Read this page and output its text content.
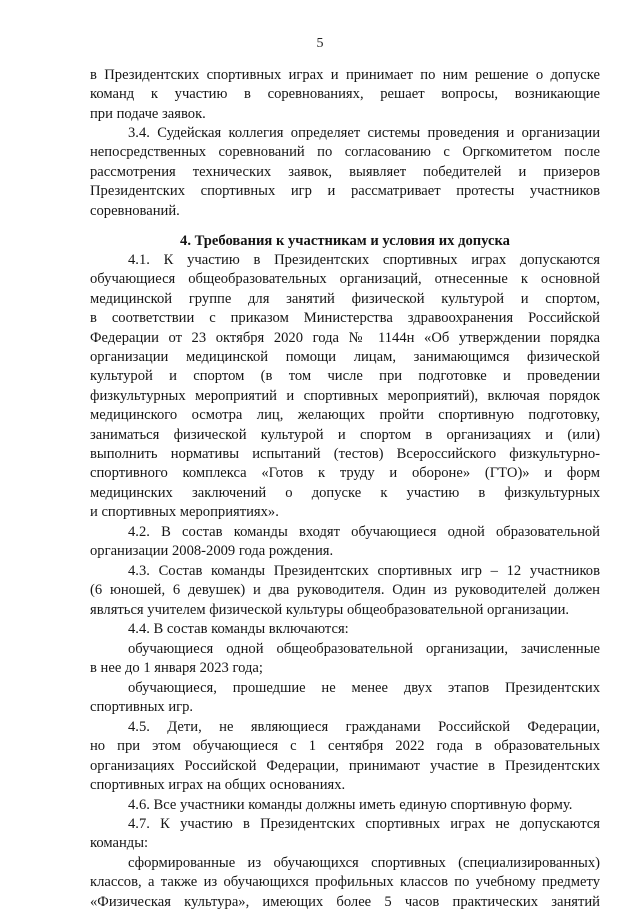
5
в Президентских спортивных играх и принимает по ним решение о допуске
команд к участию в соревнованиях, решает вопросы, возникающие
при подаче заявок.
3.4. Судейская коллегия определяет системы проведения и организации
непосредственных соревнований по согласованию с Оргкомитетом после
рассмотрения технических заявок, выявляет победителей и призеров
Президентских спортивных игр и рассматривает протесты участников
соревнований.
4. Требования к участникам и условия их допуска
4.1. К участию в Президентских спортивных играх допускаются
обучающиеся общеобразовательных организаций, отнесенные к основной
медицинской группе для занятий физической культурой и спортом,
в соответствии с приказом Министерства здравоохранения Российской
Федерации от 23 октября 2020 года № 1144н «Об утверждении порядка
организации медицинской помощи лицам, занимающимся физической
культурой и спортом (в том числе при подготовке и проведении
физкультурных мероприятий и спортивных мероприятий), включая порядок
медицинского осмотра лиц, желающих пройти спортивную подготовку,
заниматься физической культурой и спортом в организациях и (или)
выполнить нормативы испытаний (тестов) Всероссийского физкультурно-
спортивного комплекса «Готов к труду и обороне» (ГТО)» и форм
медицинских заключений о допуске к участию в физкультурных
и спортивных мероприятиях».
4.2. В состав команды входят обучающиеся одной образовательной
организации 2008-2009 года рождения.
4.3. Состав команды Президентских спортивных игр – 12 участников
(6 юношей, 6 девушек) и два руководителя. Один из руководителей должен
являться учителем физической культуры общеобразовательной организации.
4.4. В состав команды включаются:
обучающиеся одной общеобразовательной организации, зачисленные
в нее до 1 января 2023 года;
обучающиеся, прошедшие не менее двух этапов Президентских
спортивных игр.
4.5. Дети, не являющиеся гражданами Российской Федерации,
но при этом обучающиеся с 1 сентября 2022 года в образовательных
организациях Российской Федерации, принимают участие в Президентских
спортивных играх на общих основаниях.
4.6. Все участники команды должны иметь единую спортивную форму.
4.7. К участию в Президентских спортивных играх не допускаются
команды:
сформированные из обучающихся спортивных (специализированных)
классов, а также из обучающихся профильных классов по учебному предмету
«Физическая культура», имеющих более 5 часов практических занятий
